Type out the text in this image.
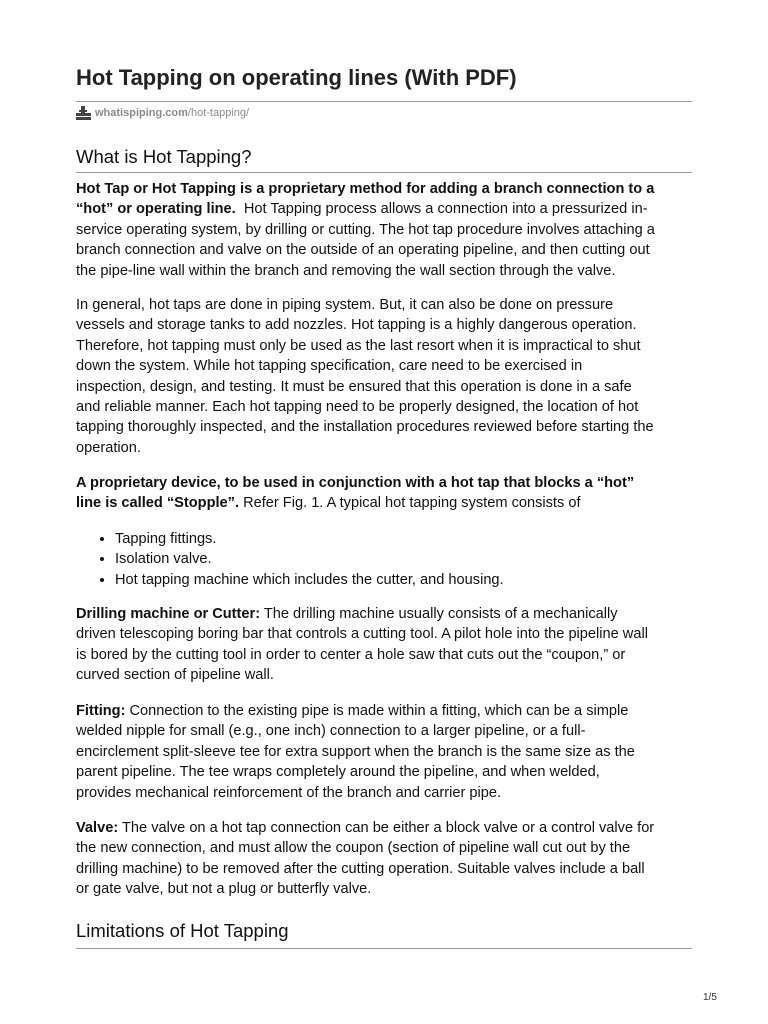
Hot Tapping on operating lines (With PDF)
whatispiping.com /hot-tapping/
What is Hot Tapping?

Hot Tap or Hot Tapping is a proprietary method for adding a branch connection to a
“hot” or operating line.  Hot Tapping process allows a connection into a pressurized in-
service operating system, by drilling or cutting. The hot tap procedure involves attaching a
branch connection and valve on the outside of an operating pipeline, and then cutting out
the pipe-line wall within the branch and removing the wall section through the valve.

In general, hot taps are done in piping system. But, it can also be done on pressure
vessels and storage tanks to add nozzles. Hot tapping is a highly dangerous operation.
Therefore, hot tapping must only be used as the last resort when it is impractical to shut
down the system. While hot tapping specification, care need to be exercised in
inspection, design, and testing. It must be ensured that this operation is done in a safe
and reliable manner. Each hot tapping need to be properly designed, the location of hot
tapping thoroughly inspected, and the installation procedures reviewed before starting the
operation.

A proprietary device, to be used in conjunction with a hot tap that blocks a “hot”
line is called “Stopple”. Refer Fig. 1. A typical hot tapping system consists of

• Tapping fittings.
• Isolation valve.
• Hot tapping machine which includes the cutter, and housing.

Drilling machine or Cutter: The drilling machine usually consists of a mechanically
driven telescoping boring bar that controls a cutting tool. A pilot hole into the pipeline wall
is bored by the cutting tool in order to center a hole saw that cuts out the “coupon,” or
curved section of pipeline wall.

Fitting: Connection to the existing pipe is made within a fitting, which can be a simple
welded nipple for small (e.g., one inch) connection to a larger pipeline, or a full-
encirclement split-sleeve tee for extra support when the branch is the same size as the
parent pipeline. The tee wraps completely around the pipeline, and when welded,
provides mechanical reinforcement of the branch and carrier pipe.

Valve: The valve on a hot tap connection can be either a block valve or a control valve for
the new connection, and must allow the coupon (section of pipeline wall cut out by the
drilling machine) to be removed after the cutting operation. Suitable valves include a ball
or gate valve, but not a plug or butterfly valve.

Limitations of Hot Tapping
1/5
